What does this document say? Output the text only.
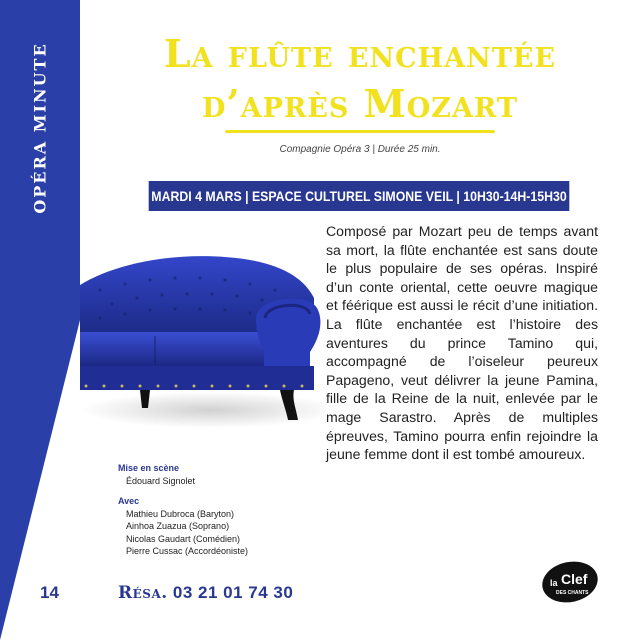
OPÉRA MINUTE	La flûte enchantée
d’après Mozart
Compagnie Opéra 3 | Durée 25 min.
MARDI 4 MARS | ESPACE CULTUREL SIMONE VEIL | 10H30-14H-15H30
Composé par Mozart peu de temps avant sa mort, la flûte enchantée est sans doute le plus populaire de ses opéras. Inspiré d’un conte oriental, cette oeuvre magique et féérique est aussi le récit d’une initiation. La flûte enchantée est l’histoire des aventures du prince Tamino qui, accompagné de l’oiseleur peureux Papageno, veut délivrer la jeune Pamina, fille de la Reine de la nuit, enlevée par le mage Sarastro. Après de multiples épreuves, Tamino pourra enfin rejoindre la jeune femme dont il est tombé amoureux.
Mise en scène
Édouard Signolet
Avec
Mathieu Dubroca (Baryton)
Ainhoa Zuazua (Soprano)
Nicolas Gaudart (Comédien)
Pierre Cussac (Accordéoniste)
14	Résa. 03 21 01 74 30	la Clef
DES CHANTS
